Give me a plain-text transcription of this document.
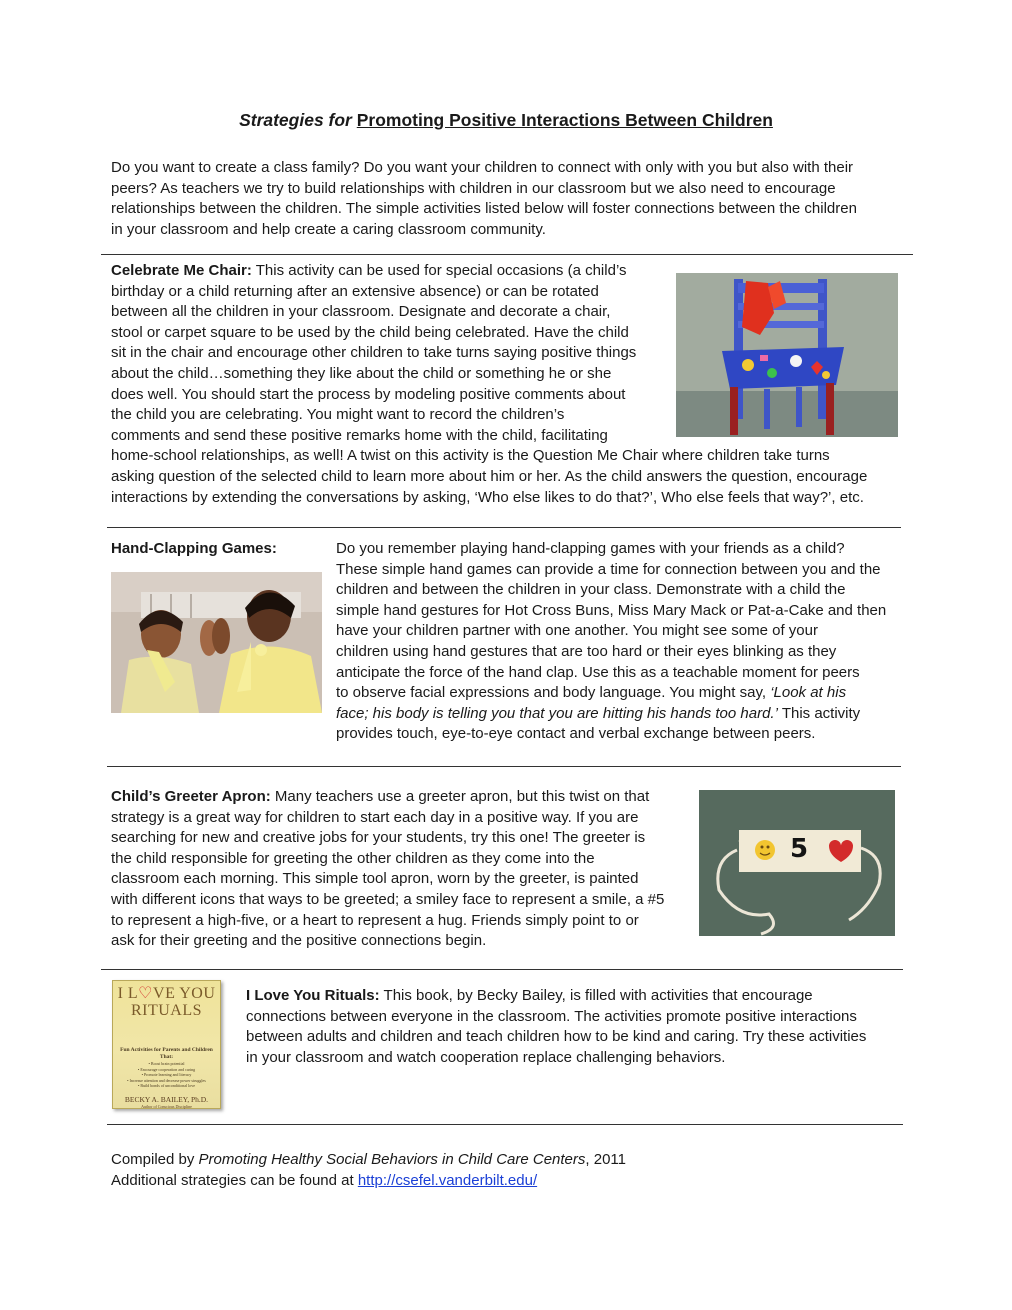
Strategies for Promoting Positive Interactions Between Children
Do you want to create a class family? Do you want your children to connect with only with you but also with their
peers? As teachers we try to build relationships with children in our classroom but we also need to encourage
relationships between the children. The simple activities listed below will foster connections between the children
in your classroom and help create a caring classroom community.
Celebrate Me Chair: This activity can be used for special occasions (a child’s
birthday or a child returning after an extensive absence) or can be rotated
between all the children in your classroom. Designate and decorate a chair,
stool or carpet square to be used by the child being celebrated. Have the child
sit in the chair and encourage other children to take turns saying positive things
about the child…something they like about the child or something he or she
does well. You should start the process by modeling positive comments about
the child you are celebrating. You might want to record the children’s
comments and send these positive remarks home with the child, facilitating
home-school relationships, as well! A twist on this activity is the Question Me Chair where children take turns
asking question of the selected child to learn more about him or her. As the child answers the question, encourage
interactions by extending the conversations by asking, ‘Who else likes to do that?’, Who else feels that way?’, etc.
Hand-Clapping Games:	Do you remember playing hand-clapping games with your friends as a child?
These simple hand games can provide a time for connection between you and the
children and between the children in your class. Demonstrate with a child the
simple hand gestures for Hot Cross Buns, Miss Mary Mack or Pat-a-Cake and then
have your children partner with one another. You might see some of your
children using hand gestures that are too hard or their eyes blinking as they
anticipate the force of the hand clap. Use this as a teachable moment for peers
to observe facial expressions and body language. You might say, ‘Look at his
face; his body is telling you that you are hitting his hands too hard.’ This activity
provides touch, eye-to-eye contact and verbal exchange between peers.
Child’s Greeter Apron: Many teachers use a greeter apron, but this twist on that
strategy is a great way for children to start each day in a positive way. If you are
searching for new and creative jobs for your students, try this one! The greeter is
the child responsible for greeting the other children as they come into the
classroom each morning. This simple tool apron, worn by the greeter, is painted
with different icons that ways to be greeted; a smiley face to represent a smile, a #5
to represent a high-five, or a heart to represent a hug. Friends simply point to or
ask for their greeting and the positive connections begin.
5
I L♡VE YOU
RITUALS
Fun Activities for Parents and Children That:
• Boost brain potential
• Encourage cooperation and caring
• Promote learning and literacy
• Increase attention and decrease power struggles
• Build bonds of unconditional love
BECKY A. BAILEY, Ph.D.
Author of Conscious Discipline
I Love You Rituals: This book, by Becky Bailey, is filled with activities that encourage
connections between everyone in the classroom. The activities promote positive interactions
between adults and children and teach children how to be kind and caring. Try these activities
in your classroom and watch cooperation replace challenging behaviors.
Compiled by Promoting Healthy Social Behaviors in Child Care Centers, 2011
Additional strategies can be found at http://csefel.vanderbilt.edu/
